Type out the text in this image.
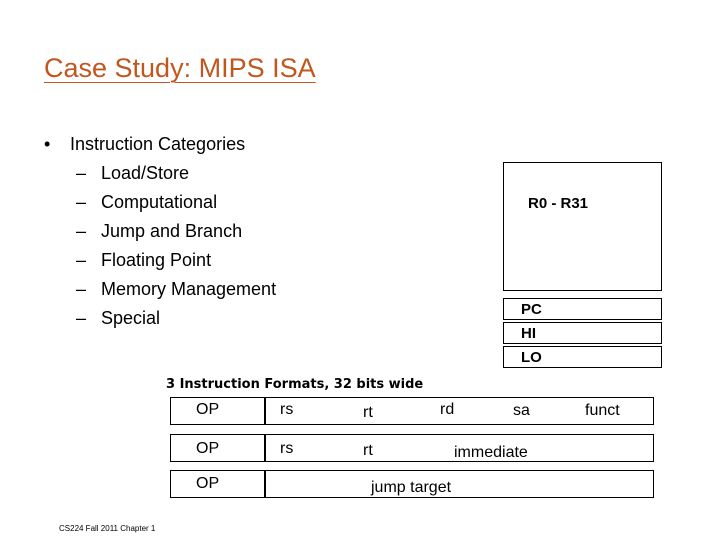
Case Study: MIPS ISA
• Instruction Categories
– Load/Store
– Computational
– Jump and Branch
– Floating Point
– Memory Management
– Special
R0 - R31
PC
HI
LO
3 Instruction Formats, 32 bits wide
OP	rs	rt	rd	sa	funct
OP	rs	rt	immediate
OP	jump target
CS224 Fall 2011 Chapter 1
